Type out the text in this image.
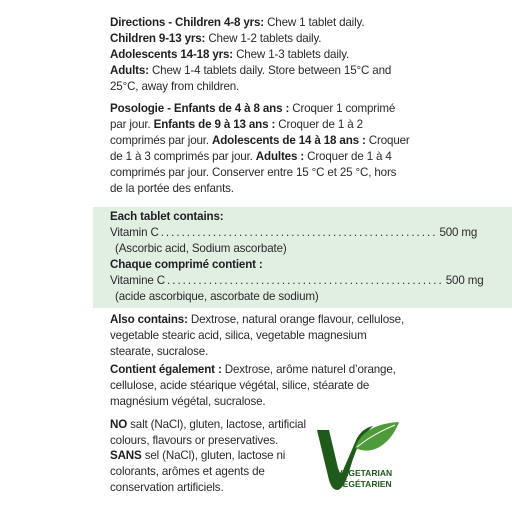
Directions - Children 4-8 yrs: Chew 1 tablet daily.
Children 9-13 yrs: Chew 1-2 tablets daily.
Adolescents 14-18 yrs: Chew 1-3 tablets daily.
Adults: Chew 1-4 tablets daily. Store between 15°C and 25°C, away from children.

Posologie - Enfants de 4 à 8 ans : Croquer 1 comprimé par jour. Enfants de 9 à 13 ans : Croquer de 1 à 2 comprimés par jour. Adolescents de 14 à 18 ans : Croquer de 1 à 3 comprimés par jour. Adultes : Croquer de 1 à 4 comprimés par jour. Conserver entre 15 °C et 25 °C, hors de la portée des enfants.

Each tablet contains:

Vitamin C ..................................................... 500 mg

(Ascorbic acid, Sodium ascorbate)

Chaque comprimé contient :

Vitamine C ..................................................... 500 mg

(acide ascorbique, ascorbate de sodium)

Also contains: Dextrose, natural orange flavour, cellulose, vegetable stearic acid, silica, vegetable magnesium stearate, sucralose.

Contient également : Dextrose, arôme naturel d’orange, cellulose, acide stéarique végétal, silice, stéarate de magnésium végétal, sucralose.

NO salt (NaCl), gluten, lactose, artificial colours, flavours or preservatives.

SANS sel (NaCl), gluten, lactose ni colorants, arômes et agents de conservation artificiels.

VEGETARIAN
VÉGÉTARIEN
